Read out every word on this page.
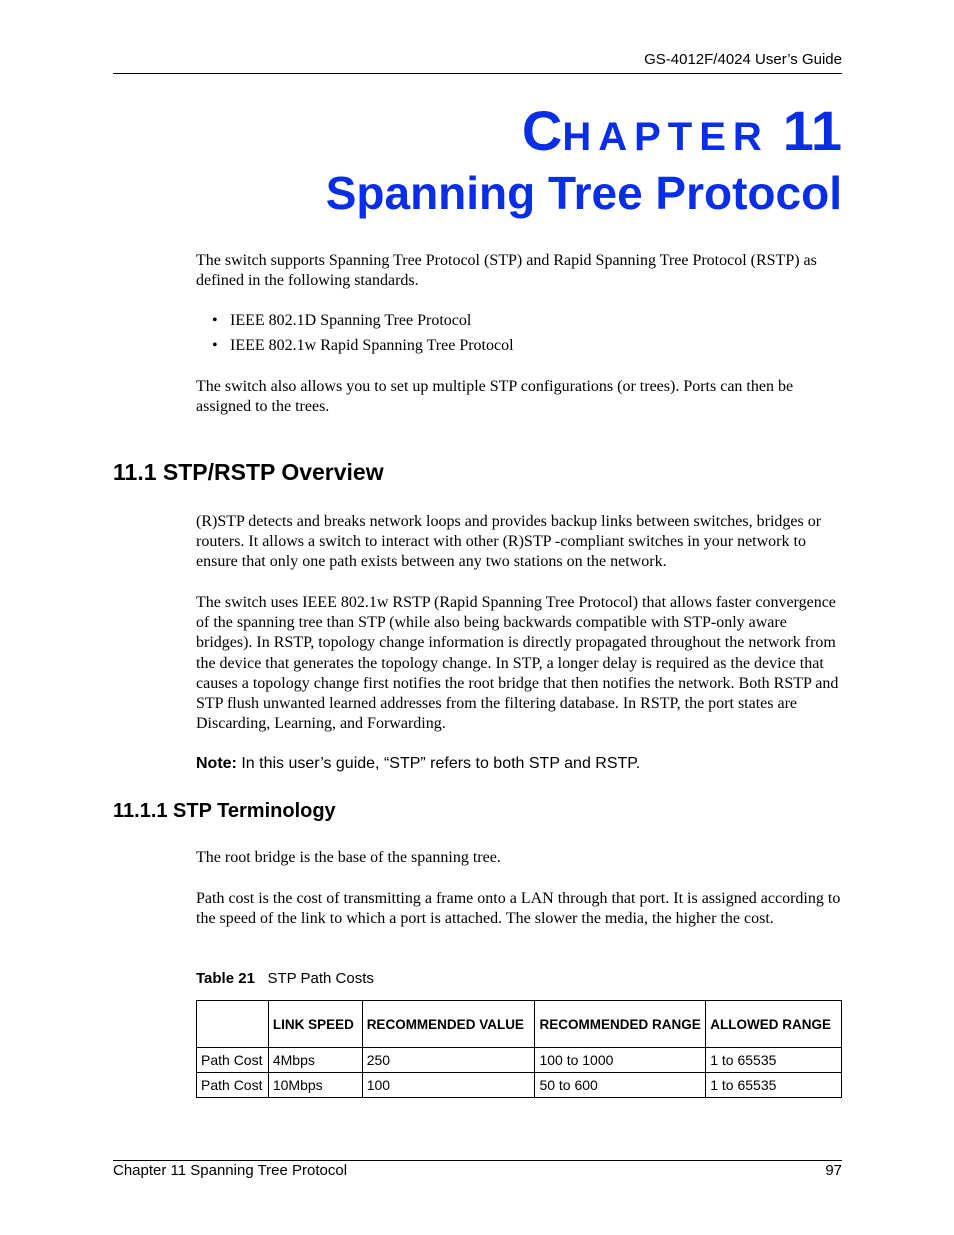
GS-4012F/4024 User’s Guide
CHAPTER 11
Spanning Tree Protocol
The switch supports Spanning Tree Protocol (STP) and Rapid Spanning Tree Protocol (RSTP) as defined in the following standards.
• IEEE 802.1D Spanning Tree Protocol
• IEEE 802.1w Rapid Spanning Tree Protocol
The switch also allows you to set up multiple STP configurations (or trees). Ports can then be assigned to the trees.
11.1 STP/RSTP Overview
(R)STP detects and breaks network loops and provides backup links between switches, bridges or routers. It allows a switch to interact with other (R)STP -compliant switches in your network to ensure that only one path exists between any two stations on the network.
The switch uses IEEE 802.1w RSTP (Rapid Spanning Tree Protocol) that allows faster convergence of the spanning tree than STP (while also being backwards compatible with STP-only aware bridges). In RSTP, topology change information is directly propagated throughout the network from the device that generates the topology change. In STP, a longer delay is required as the device that causes a topology change first notifies the root bridge that then notifies the network. Both RSTP and STP flush unwanted learned addresses from the filtering database. In RSTP, the port states are Discarding, Learning, and Forwarding.
Note: In this user’s guide, “STP” refers to both STP and RSTP.
11.1.1 STP Terminology
The root bridge is the base of the spanning tree.
Path cost is the cost of transmitting a frame onto a LAN through that port. It is assigned according to the speed of the link to which a port is attached. The slower the media, the higher the cost.
Table 21 STP Path Costs
	LINK SPEED	RECOMMENDED VALUE	RECOMMENDED RANGE	ALLOWED RANGE
Path Cost	4Mbps	250	100 to 1000	1 to 65535
Path Cost	10Mbps	100	50 to 600	1 to 65535
Chapter 11 Spanning Tree Protocol	97
